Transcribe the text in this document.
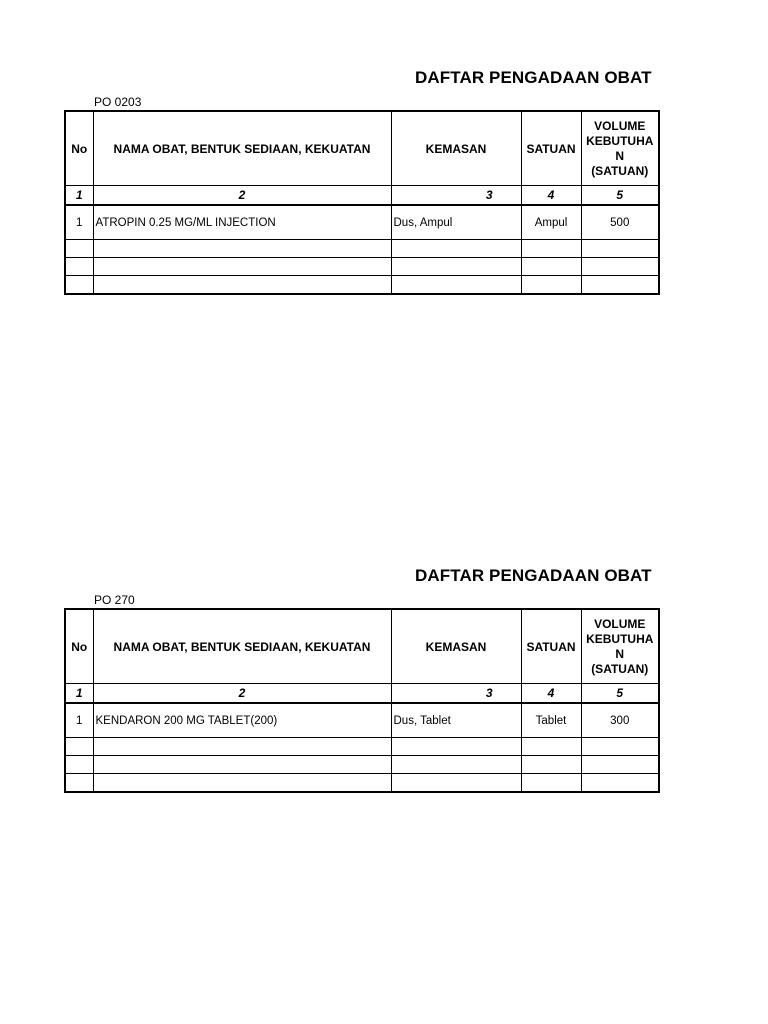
DAFTAR PENGADAAN OBAT
PO 0203
No	NAMA OBAT, BENTUK SEDIAAN, KEKUATAN	KEMASAN	SATUAN	VOLUME
KEBUTUHA
N
(SATUAN)

1	2	3	4	5
1	ATROPIN 0.25 MG/ML INJECTION	Dus, Ampul	Ampul	500

DAFTAR PENGADAAN OBAT
PO 270
No	NAMA OBAT, BENTUK SEDIAAN, KEKUATAN	KEMASAN	SATUAN	VOLUME
KEBUTUHA
N
(SATUAN)

1	2	3	4	5
1	KENDARON 200 MG TABLET(200)	Dus, Tablet	Tablet	300
